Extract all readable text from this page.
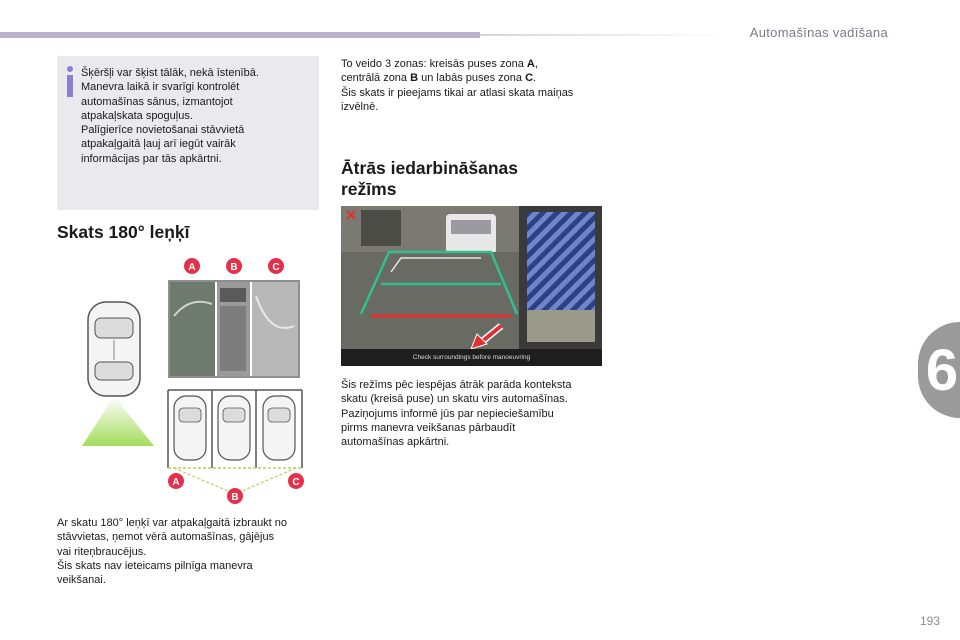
Automašīnas vadīšana
6
193
Šķēršļi var šķist tālāk, nekā īstenībā.
Manevra laikā ir svarīgi kontrolēt
automašīnas sānus, izmantojot
atpakaļskata spoguļus.
Palīgierīce novietošanai stāvvietā
atpakaļgaitā ļauj arī iegūt vairāk
informācijas par tās apkārtni.
Skats 180° leņķī
A	B	C
A
B
C
Ar skatu 180° leņķī var atpakaļgaitā izbraukt no
stāvvietas, ņemot vērā automašīnas, gājējus
vai riteņbraucējus.
Šis skats nav ieteicams pilnīga manevra
veikšanai.
To veido 3 zonas: kreisās puses zona A,
centrālā zona B un labās puses zona C.
Šis skats ir pieejams tikai ar atlasi skata maiņas
izvēlnē.
Ātrās iedarbināšanas režīms
Check surroundings before manoeuvring
Šis režīms pēc iespējas ātrāk parāda konteksta
skatu (kreisā puse) un skatu virs automašīnas.
Paziņojums informē jūs par nepieciešamību
pirms manevra veikšanas pārbaudīt
automašīnas apkārtni.
